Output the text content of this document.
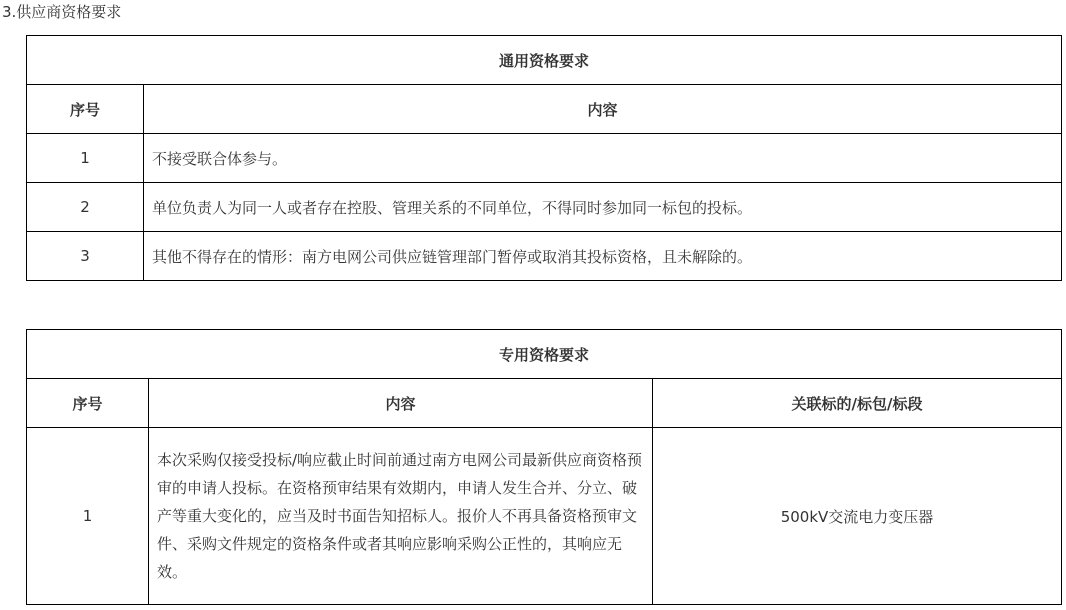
3.供应商资格要求
通用资格要求	
序号	内容
1	不接受联合体参与。
2	单位负责人为同一人或者存在控股、管理关系的不同单位，不得同时参加同一标包的投标。
3	其他不得存在的情形：南方电网公司供应链管理部门暂停或取消其投标资格，且未解除的。
专用资格要求		
序号	内容	关联标的/标包/标段
1	本次采购仅接受投标/响应截止时间前通过南方电网公司最新供应商资格预审的申请人投标。在资格预审结果有效期内，申请人发生合并、分立、破产等重大变化的，应当及时书面告知招标人。报价人不再具备资格预审文件、采购文件规定的资格条件或者其响应影响采购公正性的，其响应无效。	500kV交流电力变压器
